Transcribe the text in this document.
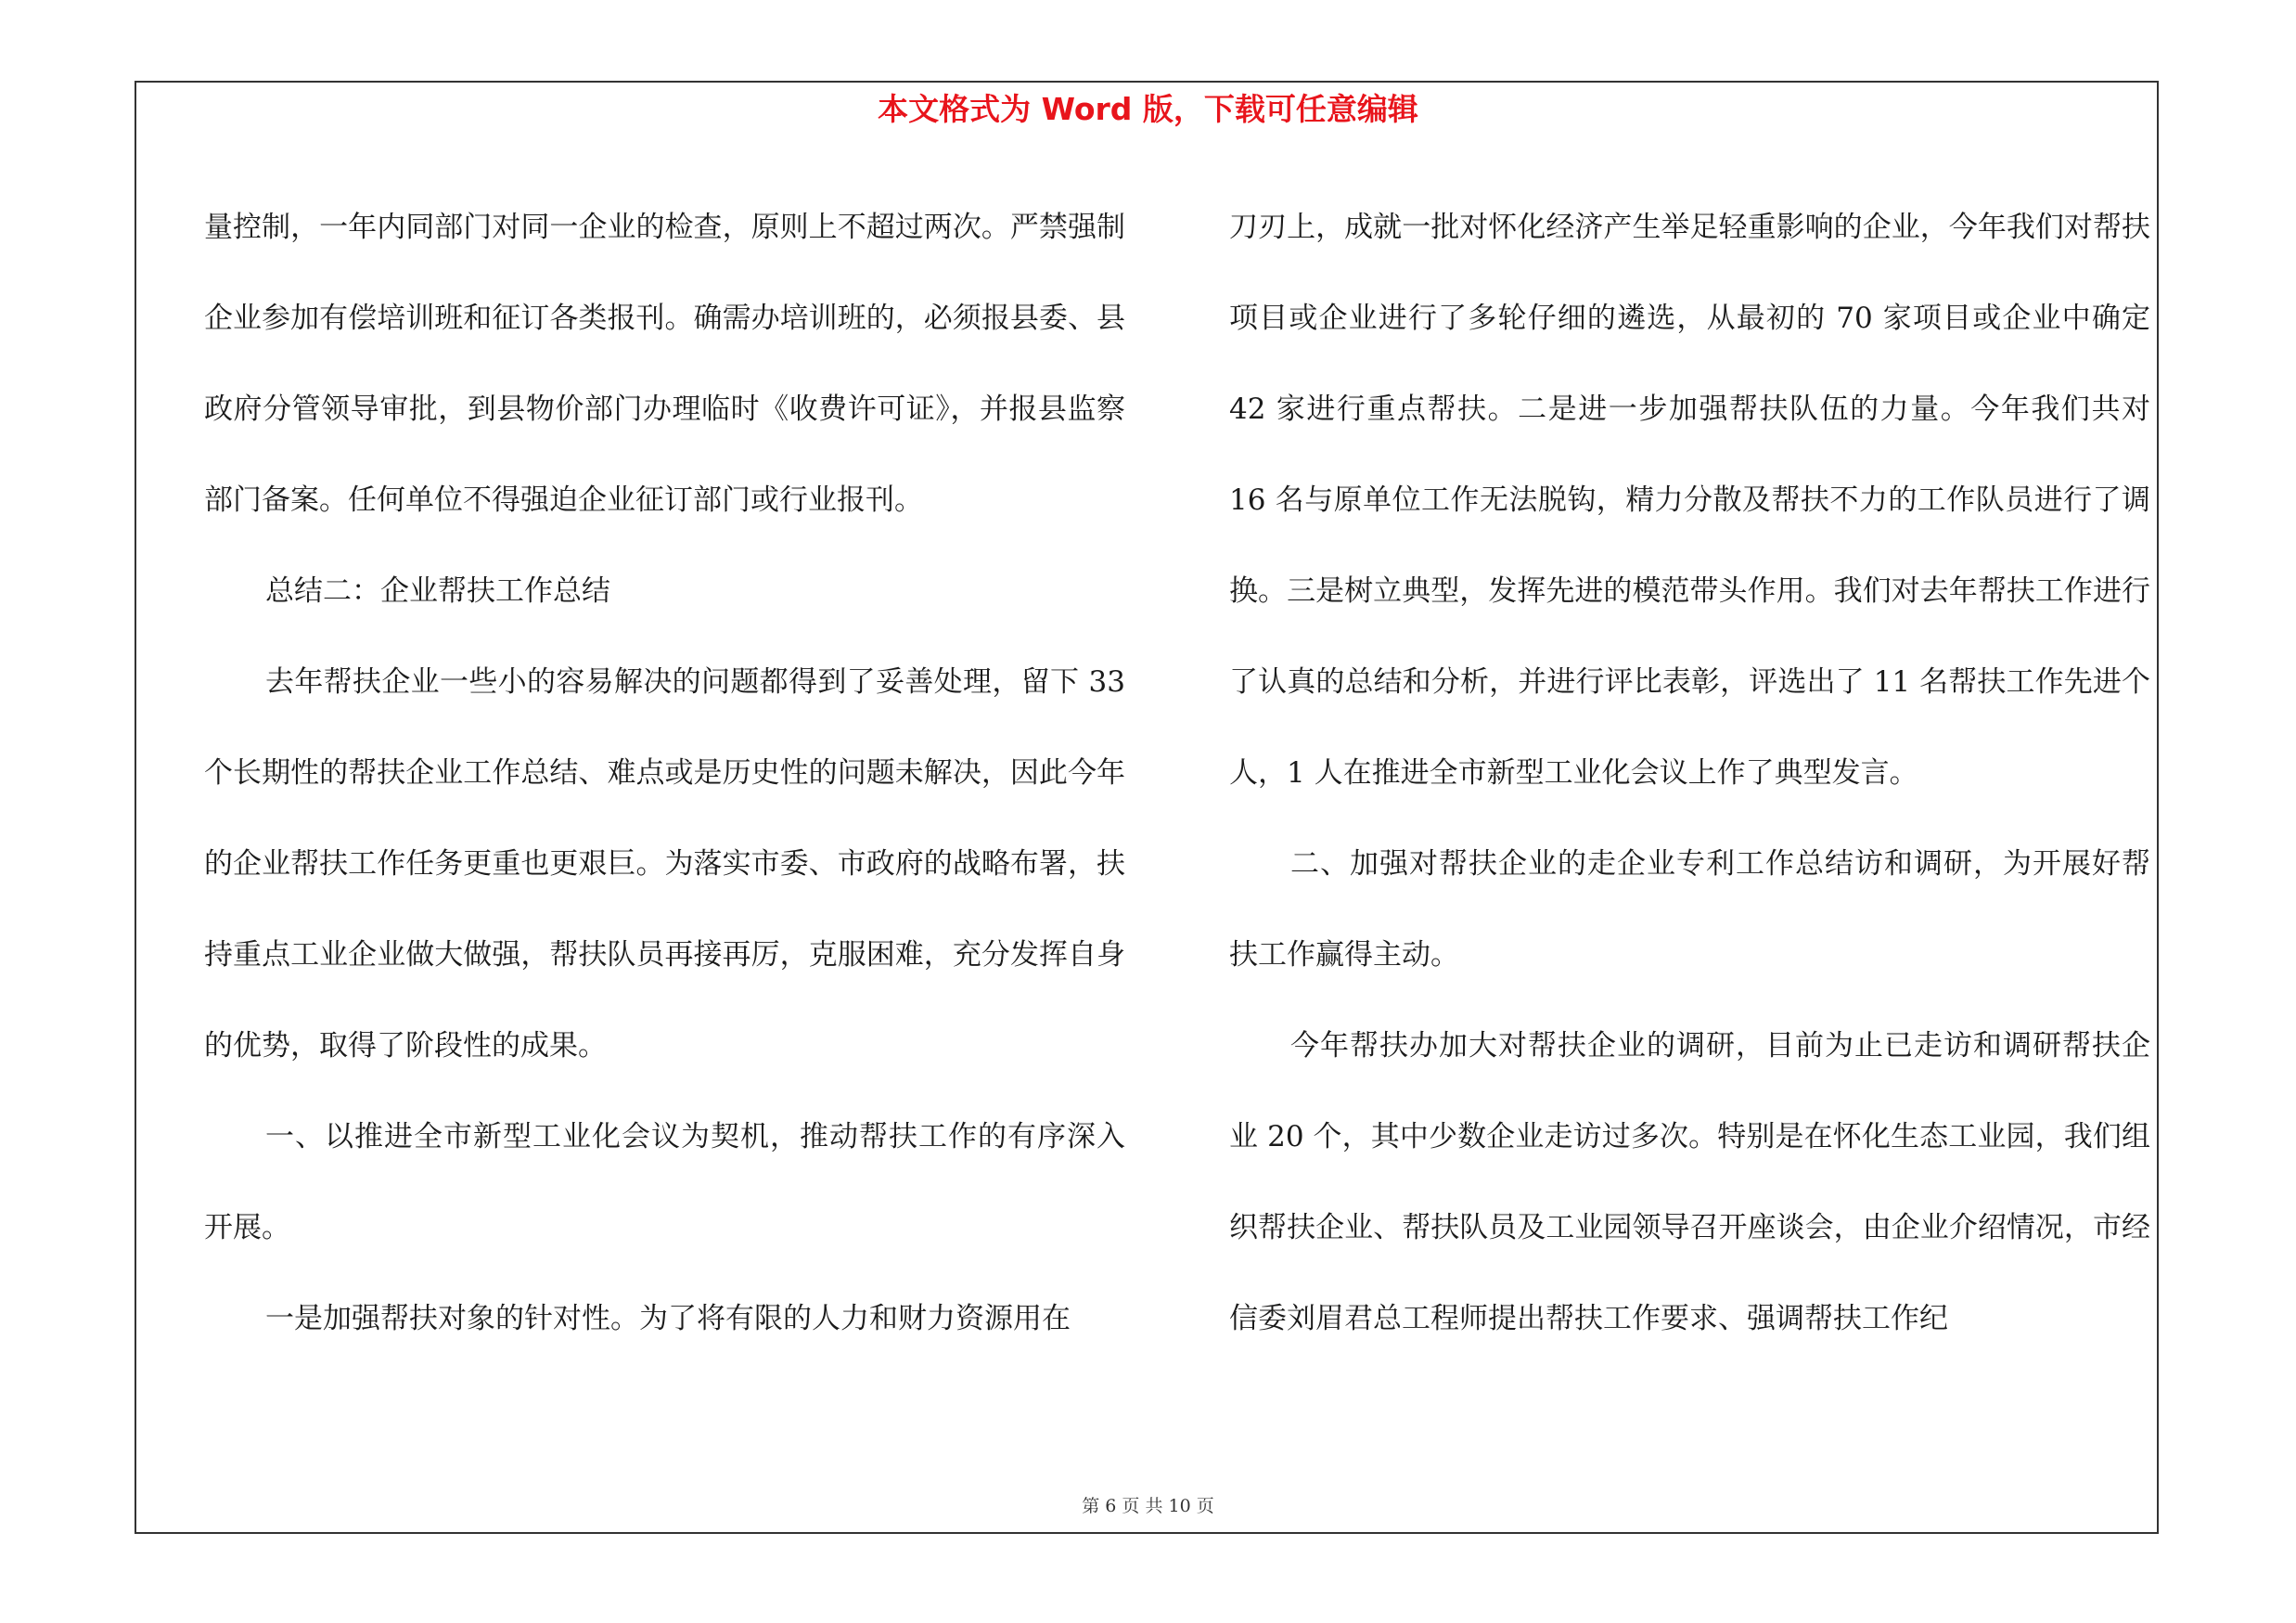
本文格式为 Word 版，下载可任意编辑

量控制，一年内同部门对同一企业的检查，原则上不超过两次。严禁强制企业参加有偿培训班和征订各类报刊。确需办培训班的，必须报县委、县政府分管领导审批，到县物价部门办理临时《收费许可证》，并报县监察部门备案。任何单位不得强迫企业征订部门或行业报刊。

总结二：企业帮扶工作总结

去年帮扶企业一些小的容易解决的问题都得到了妥善处理，留下 33 个长期性的帮扶企业工作总结、难点或是历史性的问题未解决，因此今年的企业帮扶工作任务更重也更艰巨。为落实市委、市政府的战略布署，扶持重点工业企业做大做强，帮扶队员再接再厉，克服困难，充分发挥自身的优势，取得了阶段性的成果。

一、以推进全市新型工业化会议为契机，推动帮扶工作的有序深入开展。

一是加强帮扶对象的针对性。为了将有限的人力和财力资源用在

刀刃上，成就一批对怀化经济产生举足轻重影响的企业，今年我们对帮扶项目或企业进行了多轮仔细的遴选，从最初的 70 家项目或企业中确定 42 家进行重点帮扶。二是进一步加强帮扶队伍的力量。今年我们共对 16 名与原单位工作无法脱钩，精力分散及帮扶不力的工作队员进行了调换。三是树立典型，发挥先进的模范带头作用。我们对去年帮扶工作进行了认真的总结和分析，并进行评比表彰，评选出了 11 名帮扶工作先进个人，1 人在推进全市新型工业化会议上作了典型发言。

二、加强对帮扶企业的走企业专利工作总结访和调研，为开展好帮扶工作赢得主动。

今年帮扶办加大对帮扶企业的调研，目前为止已走访和调研帮扶企业 20 个，其中少数企业走访过多次。特别是在怀化生态工业园，我们组织帮扶企业、帮扶队员及工业园领导召开座谈会，由企业介绍情况，市经信委刘眉君总工程师提出帮扶工作要求、强调帮扶工作纪

第 6 页 共 10 页
